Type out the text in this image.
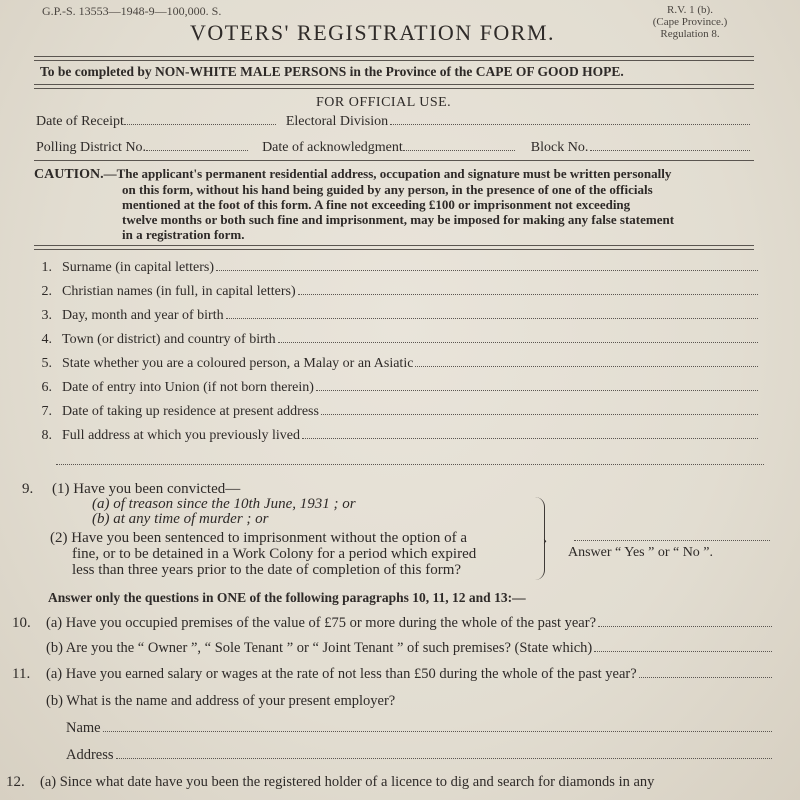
G.P.-S. 13553—1948-9—100,000. S.
VOTERS' REGISTRATION FORM.
R.V. 1 (b).
(Cape Province.)
Regulation 8.
To be completed by NON-WHITE MALE PERSONS in the Province of the CAPE OF GOOD HOPE.
FOR OFFICIAL USE.
Date of Receipt	Electoral Division
Polling District No.	Date of acknowledgment	Block No.
CAUTION.—The applicant's permanent residential address, occupation and signature must be written personally
on this form, without his hand being guided by any person, in the presence of one of the officials
mentioned at the foot of this form. A fine not exceeding £100 or imprisonment not exceeding
twelve months or both such fine and imprisonment, may be imposed for making any false statement
in a registration form.
1. Surname (in capital letters)
2. Christian names (in full, in capital letters)
3. Day, month and year of birth
4. Town (or district) and country of birth
5. State whether you are a coloured person, a Malay or an Asiatic
6. Date of entry into Union (if not born therein)
7. Date of taking up residence at present address
8. Full address at which you previously lived
9. (1) Have you been convicted—
(a) of treason since the 10th June, 1931 ; or
(b) at any time of murder ; or
(2) Have you been sentenced to imprisonment without the option of a
fine, or to be detained in a Work Colony for a period which expired
less than three years prior to the date of completion of this form?
›
Answer “ Yes ” or “ No ”.
Answer only the questions in ONE of the following paragraphs 10, 11, 12 and 13:—
10. (a) Have you occupied premises of the value of £75 or more during the whole of the past year?
(b) Are you the “ Owner ”, “ Sole Tenant ” or “ Joint Tenant ” of such premises? (State which)
11. (a) Have you earned salary or wages at the rate of not less than £50 during the whole of the past year?
(b) What is the name and address of your present employer?
Name
Address
12. (a) Since what date have you been the registered holder of a licence to dig and search for diamonds in any
